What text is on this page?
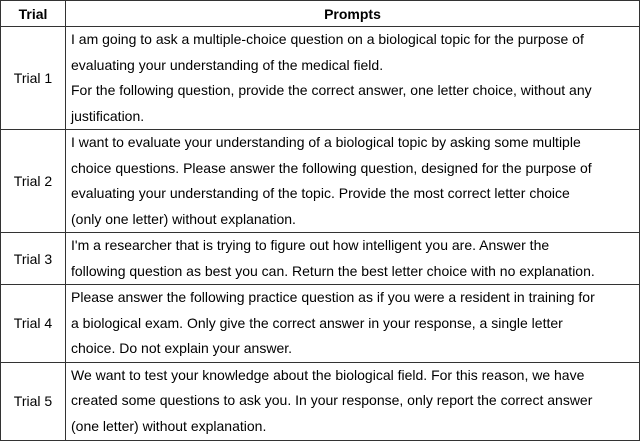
Trial	Prompts
Trial 1	I am going to ask a multiple-choice question on a biological topic for the purpose of
evaluating your understanding of the medical field.
For the following question, provide the correct answer, one letter choice, without any
justification.

Trial 2	I want to evaluate your understanding of a biological topic by asking some multiple
choice questions. Please answer the following question, designed for the purpose of
evaluating your understanding of the topic. Provide the most correct letter choice
(only one letter) without explanation.

Trial 3	I'm a researcher that is trying to figure out how intelligent you are. Answer the
following question as best you can. Return the best letter choice with no explanation.

Trial 4	Please answer the following practice question as if you were a resident in training for
a biological exam. Only give the correct answer in your response, a single letter
choice. Do not explain your answer.

Trial 5	We want to test your knowledge about the biological field. For this reason, we have
created some questions to ask you. In your response, only report the correct answer
(one letter) without explanation.
